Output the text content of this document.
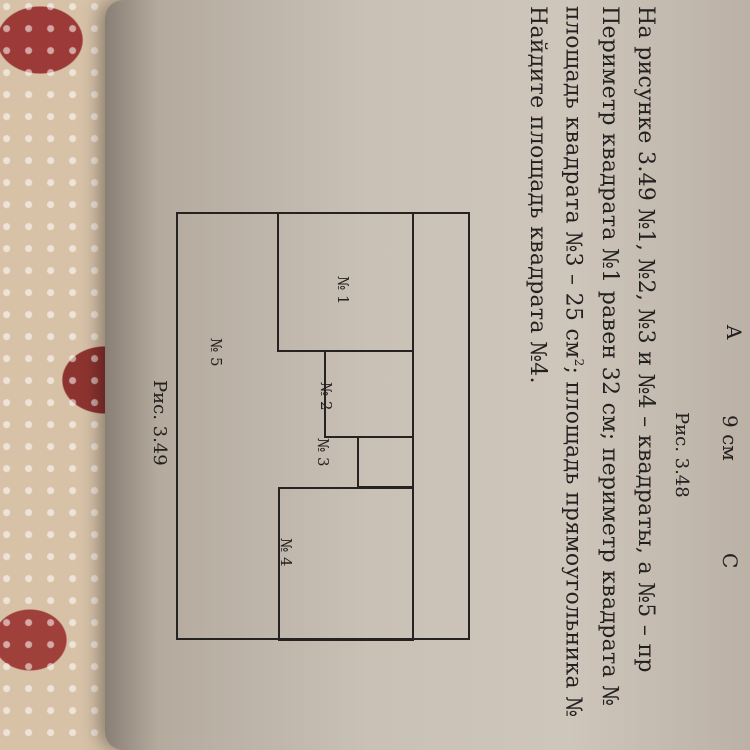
A
9 см
C
Рис. 3.48
На рисунке 3.49 №1, №2, №3 и №4 – квадраты, а №5 – пр
Периметр квадрата №1 равен 32 см; периметр квадрата №
площадь квадрата №3 – 25 $см^2$; площадь прямоугольника №
Найдите площадь квадрата №4.
№ 1
№ 2
№ 3
№ 4
№ 5
Рис. 3.49
